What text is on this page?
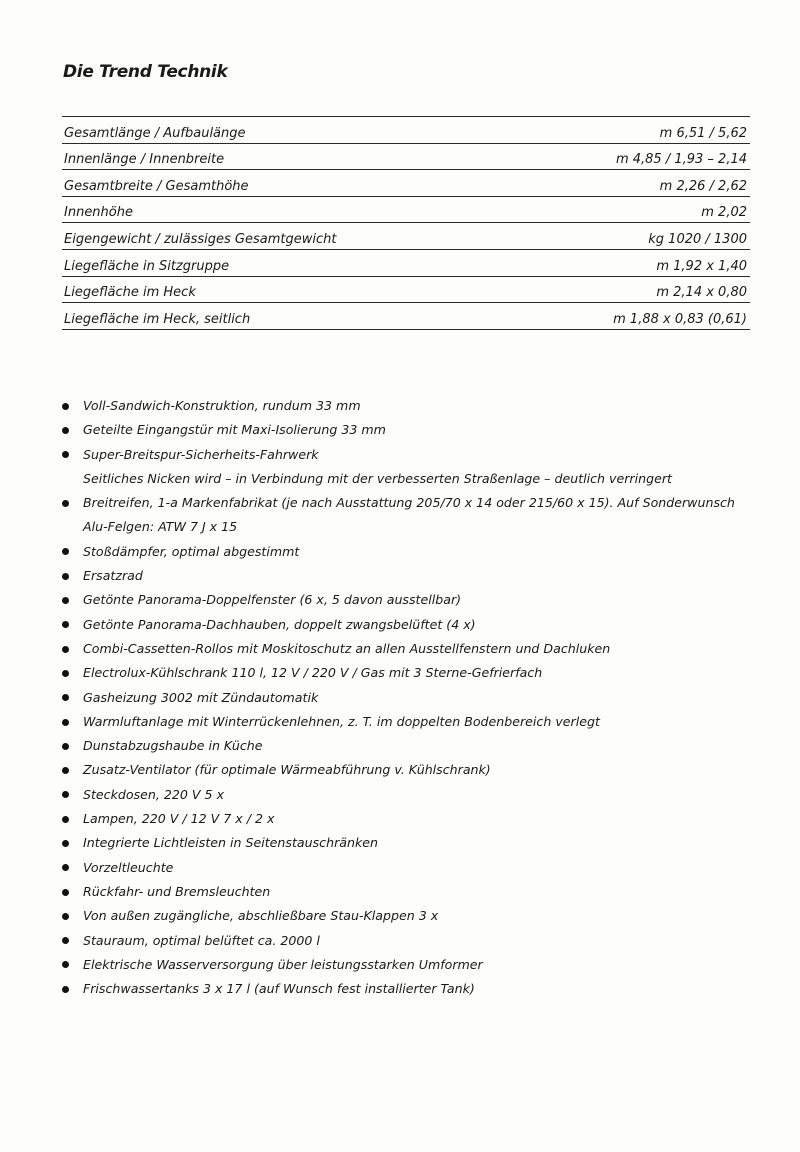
Die Trend Technik
Gesamtlänge / Aufbaulänge	m 6,51 / 5,62
Innenlänge / Innenbreite	m 4,85 / 1,93 – 2,14
Gesamtbreite / Gesamthöhe	m 2,26 / 2,62
Innenhöhe	m 2,02
Eigengewicht / zulässiges Gesamtgewicht	kg 1020 / 1300
Liegefläche in Sitzgruppe	m 1,92 x 1,40
Liegefläche im Heck	m 2,14 x 0,80
Liegefläche im Heck, seitlich	m 1,88 x 0,83 (0,61)
Voll-Sandwich-Konstruktion, rundum 33 mm
Geteilte Eingangstür mit Maxi-Isolierung 33 mm
Super-Breitspur-Sicherheits-Fahrwerk
Seitliches Nicken wird – in Verbindung mit der verbesserten Straßenlage – deutlich verringert
Breitreifen, 1-a Markenfabrikat (je nach Ausstattung 205/70 x 14 oder 215/60 x 15). Auf Sonderwunsch
Alu-Felgen: ATW 7 J x 15
Stoßdämpfer, optimal abgestimmt
Ersatzrad
Getönte Panorama-Doppelfenster (6 x, 5 davon ausstellbar)
Getönte Panorama-Dachhauben, doppelt zwangsbelüftet (4 x)
Combi-Cassetten-Rollos mit Moskitoschutz an allen Ausstellfenstern und Dachluken
Electrolux-Kühlschrank 110 l, 12 V / 220 V / Gas mit 3 Sterne-Gefrierfach
Gasheizung 3002 mit Zündautomatik
Warmluftanlage mit Winterrückenlehnen, z. T. im doppelten Bodenbereich verlegt
Dunstabzugshaube in Küche
Zusatz-Ventilator (für optimale Wärmeabführung v. Kühlschrank)
Steckdosen, 220 V 5 x
Lampen, 220 V / 12 V 7 x / 2 x
Integrierte Lichtleisten in Seitenstauschränken
Vorzeltleuchte
Rückfahr- und Bremsleuchten
Von außen zugängliche, abschließbare Stau-Klappen 3 x
Stauraum, optimal belüftet ca. 2000 l
Elektrische Wasserversorgung über leistungsstarken Umformer
Frischwassertanks 3 x 17 l (auf Wunsch fest installierter Tank)
